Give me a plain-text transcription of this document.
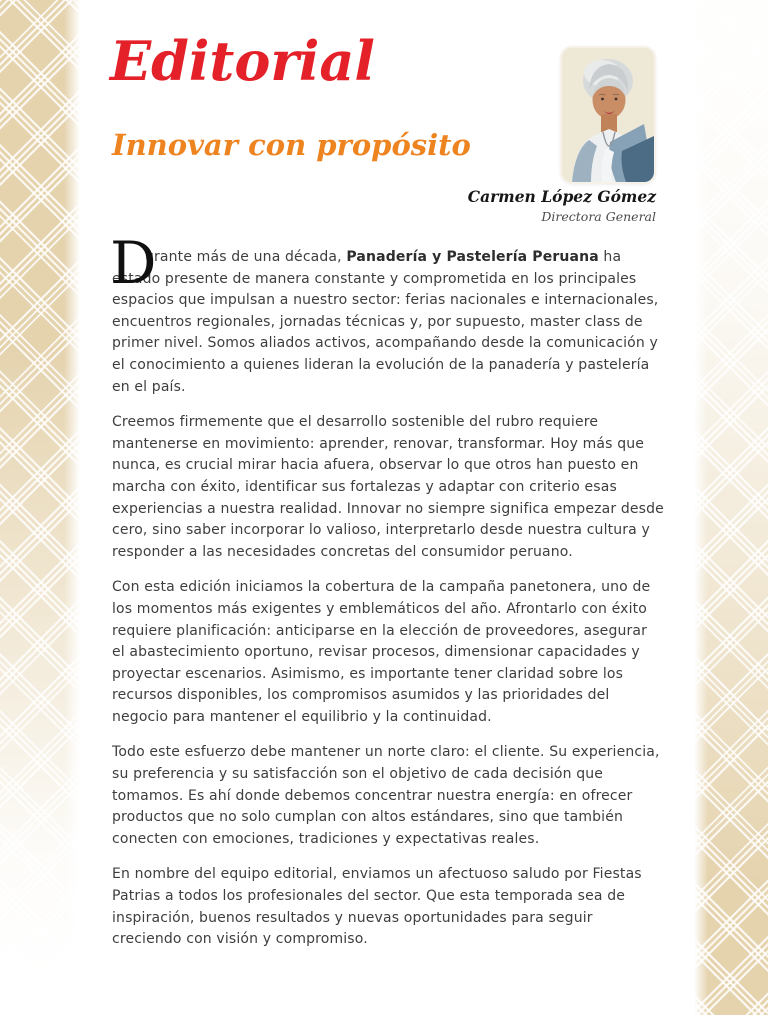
Editorial
Innovar con propósito
Carmen López Gómez
Directora General

D
urante más de una década, Panadería y Pastelería Peruana ha estado presente de manera constante y comprometida en los principales espacios que impulsan a nuestro sector: ferias nacionales e internacionales, encuentros regionales, jornadas técnicas y, por supuesto, master class de primer nivel. Somos aliados activos, acompañando desde la comunicación y el conocimiento a quienes lideran la evolución de la panadería y pastelería en el país.

Creemos firmemente que el desarrollo sostenible del rubro requiere mantenerse en movimiento: aprender, renovar, transformar. Hoy más que nunca, es crucial mirar hacia afuera, observar lo que otros han puesto en marcha con éxito, identificar sus fortalezas y adaptar con criterio esas experiencias a nuestra realidad. Innovar no siempre significa empezar desde cero, sino saber incorporar lo valioso, interpretarlo desde nuestra cultura y responder a las necesidades concretas del consumidor peruano.

Con esta edición iniciamos la cobertura de la campaña panetonera, uno de los momentos más exigentes y emblemáticos del año. Afrontarlo con éxito requiere planificación: anticiparse en la elección de proveedores, asegurar el abastecimiento oportuno, revisar procesos, dimensionar capacidades y proyectar escenarios. Asimismo, es importante tener claridad sobre los recursos disponibles, los compromisos asumidos y las prioridades del negocio para mantener el equilibrio y la continuidad.

Todo este esfuerzo debe mantener un norte claro: el cliente. Su experiencia, su preferencia y su satisfacción son el objetivo de cada decisión que tomamos. Es ahí donde debemos concentrar nuestra energía: en ofrecer productos que no solo cumplan con altos estándares, sino que también conecten con emociones, tradiciones y expectativas reales.

En nombre del equipo editorial, enviamos un afectuoso saludo por Fiestas Patrias a todos los profesionales del sector. Que esta temporada sea de inspiración, buenos resultados y nuevas oportunidades para seguir creciendo con visión y compromiso.
